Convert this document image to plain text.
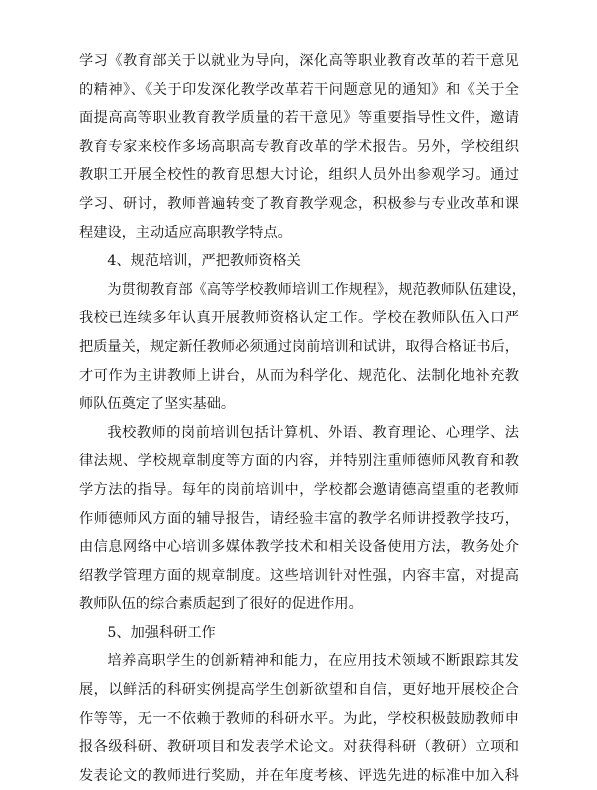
学习《教育部关于以就业为导向，深化高等职业教育改革的若干意见
的精神》、《关于印发深化教学改革若干问题意见的通知》和《关于全
面提高高等职业教育教学质量的若干意见》等重要指导性文件，邀请
教育专家来校作多场高职高专教育改革的学术报告。另外，学校组织
教职工开展全校性的教育思想大讨论，组织人员外出参观学习。通过
学习、研讨，教师普遍转变了教育教学观念，积极参与专业改革和课
程建设，主动适应高职教学特点。
4、规范培训，严把教师资格关
为贯彻教育部《高等学校教师培训工作规程》，规范教师队伍建设，
我校已连续多年认真开展教师资格认定工作。学校在教师队伍入口严
把质量关，规定新任教师必须通过岗前培训和试讲，取得合格证书后，
才可作为主讲教师上讲台，从而为科学化、规范化、法制化地补充教
师队伍奠定了坚实基础。
我校教师的岗前培训包括计算机、外语、教育理论、心理学、法
律法规、学校规章制度等方面的内容，并特别注重师德师风教育和教
学方法的指导。每年的岗前培训中，学校都会邀请德高望重的老教师
作师德师风方面的辅导报告，请经验丰富的教学名师讲授教学技巧，
由信息网络中心培训多媒体教学技术和相关设备使用方法，教务处介
绍教学管理方面的规章制度。这些培训针对性强，内容丰富，对提高
教师队伍的综合素质起到了很好的促进作用。
5、加强科研工作
培养高职学生的创新精神和能力，在应用技术领域不断跟踪其发
展，以鲜活的科研实例提高学生创新欲望和自信，更好地开展校企合
作等等，无一不依赖于教师的科研水平。为此，学校积极鼓励教师申
报各级科研、教研项目和发表学术论文。对获得科研（教研）立项和
发表论文的教师进行奖励，并在年度考核、评选先进的标准中加入科
